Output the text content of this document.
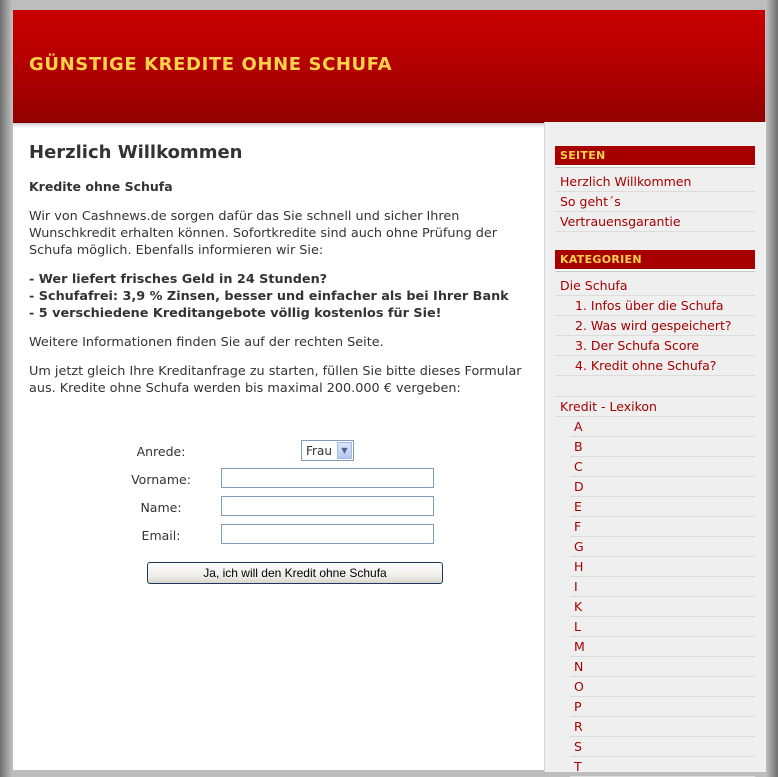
GÜNSTIGE KREDITE OHNE SCHUFA
Herzlich Willkommen
Kredite ohne Schufa

Wir von Cashnews.de sorgen dafür das Sie schnell und sicher Ihren Wunschkredit erhalten können. Sofortkredite sind auch ohne Prüfung der Schufa möglich. Ebenfalls informieren wir Sie:

- Wer liefert frisches Geld in 24 Stunden?
- Schufafrei: 3,9 % Zinsen, besser und einfacher als bei Ihrer Bank
- 5 verschiedene Kreditangebote völlig kostenlos für Sie!

Weitere Informationen finden Sie auf der rechten Seite.

Um jetzt gleich Ihre Kreditanfrage zu starten, füllen Sie bitte dieses Formular aus. Kredite ohne Schufa werden bis maximal 200.000 € vergeben:

Anrede:	Frau	▼
Vorname:
Name:
Email:
Ja, ich will den Kredit ohne Schufa
SEITEN
Herzlich Willkommen
So geht´s
Vertrauensgarantie
KATEGORIEN
Die Schufa
1. Infos über die Schufa
2. Was wird gespeichert?
3. Der Schufa Score
4. Kredit ohne Schufa?
Kredit - Lexikon
A
B
C
D
E
F
G
H
I
K
L
M
N
O
P
R
S
T
